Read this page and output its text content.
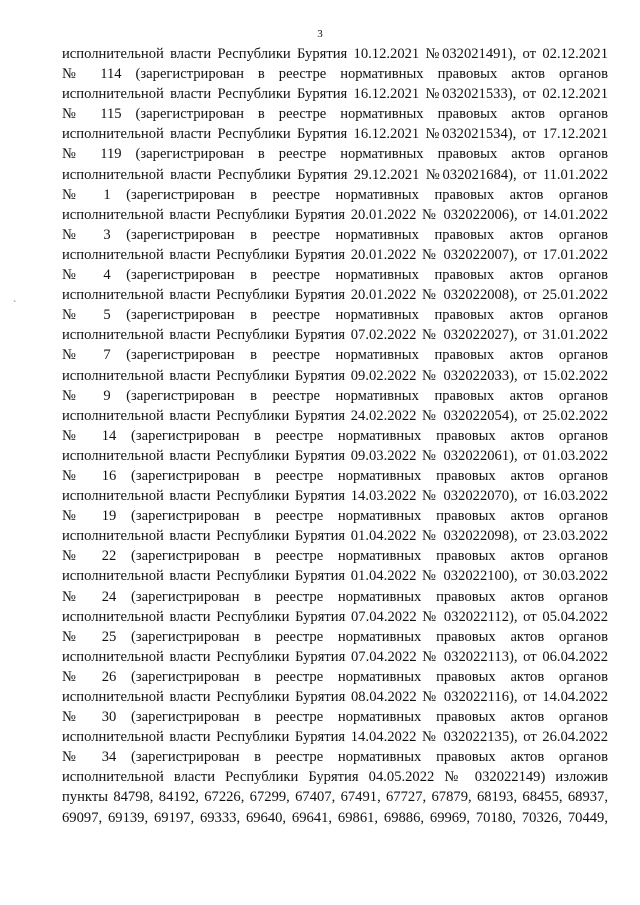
3
ˋ
исполнительной власти Республики Бурятия 10.12.2021 №032021491), от 02.12.2021
№ 114 (зарегистрирован в реестре нормативных правовых актов органов
исполнительной власти Республики Бурятия 16.12.2021 №032021533), от 02.12.2021
№ 115 (зарегистрирован в реестре нормативных правовых актов органов
исполнительной власти Республики Бурятия 16.12.2021 №032021534), от 17.12.2021
№ 119 (зарегистрирован в реестре нормативных правовых актов органов
исполнительной власти Республики Бурятия 29.12.2021 №032021684), от 11.01.2022
№ 1 (зарегистрирован в реестре нормативных правовых актов органов
исполнительной власти Республики Бурятия 20.01.2022 № 032022006), от 14.01.2022
№ 3 (зарегистрирован в реестре нормативных правовых актов органов
исполнительной власти Республики Бурятия 20.01.2022 № 032022007), от 17.01.2022
№ 4 (зарегистрирован в реестре нормативных правовых актов органов
исполнительной власти Республики Бурятия 20.01.2022 № 032022008), от 25.01.2022
№ 5 (зарегистрирован в реестре нормативных правовых актов органов
исполнительной власти Республики Бурятия 07.02.2022 № 032022027), от 31.01.2022
№ 7 (зарегистрирован в реестре нормативных правовых актов органов
исполнительной власти Республики Бурятия 09.02.2022 № 032022033), от 15.02.2022
№ 9 (зарегистрирован в реестре нормативных правовых актов органов
исполнительной власти Республики Бурятия 24.02.2022 № 032022054), от 25.02.2022
№ 14 (зарегистрирован в реестре нормативных правовых актов органов
исполнительной власти Республики Бурятия 09.03.2022 № 032022061), от 01.03.2022
№ 16 (зарегистрирован в реестре нормативных правовых актов органов
исполнительной власти Республики Бурятия 14.03.2022 № 032022070), от 16.03.2022
№ 19 (зарегистрирован в реестре нормативных правовых актов органов
исполнительной власти Республики Бурятия 01.04.2022 № 032022098), от 23.03.2022
№ 22 (зарегистрирован в реестре нормативных правовых актов органов
исполнительной власти Республики Бурятия 01.04.2022 № 032022100), от 30.03.2022
№ 24 (зарегистрирован в реестре нормативных правовых актов органов
исполнительной власти Республики Бурятия 07.04.2022 № 032022112), от 05.04.2022
№ 25 (зарегистрирован в реестре нормативных правовых актов органов
исполнительной власти Республики Бурятия 07.04.2022 № 032022113), от 06.04.2022
№ 26 (зарегистрирован в реестре нормативных правовых актов органов
исполнительной власти Республики Бурятия 08.04.2022 № 032022116), от 14.04.2022
№ 30 (зарегистрирован в реестре нормативных правовых актов органов
исполнительной власти Республики Бурятия 14.04.2022 № 032022135), от 26.04.2022
№ 34 (зарегистрирован в реестре нормативных правовых актов органов
исполнительной власти Республики Бурятия 04.05.2022 № 032022149) изложив
пункты 84798, 84192, 67226, 67299, 67407, 67491, 67727, 67879, 68193, 68455, 68937,
69097, 69139, 69197, 69333, 69640, 69641, 69861, 69886, 69969, 70180, 70326, 70449,
